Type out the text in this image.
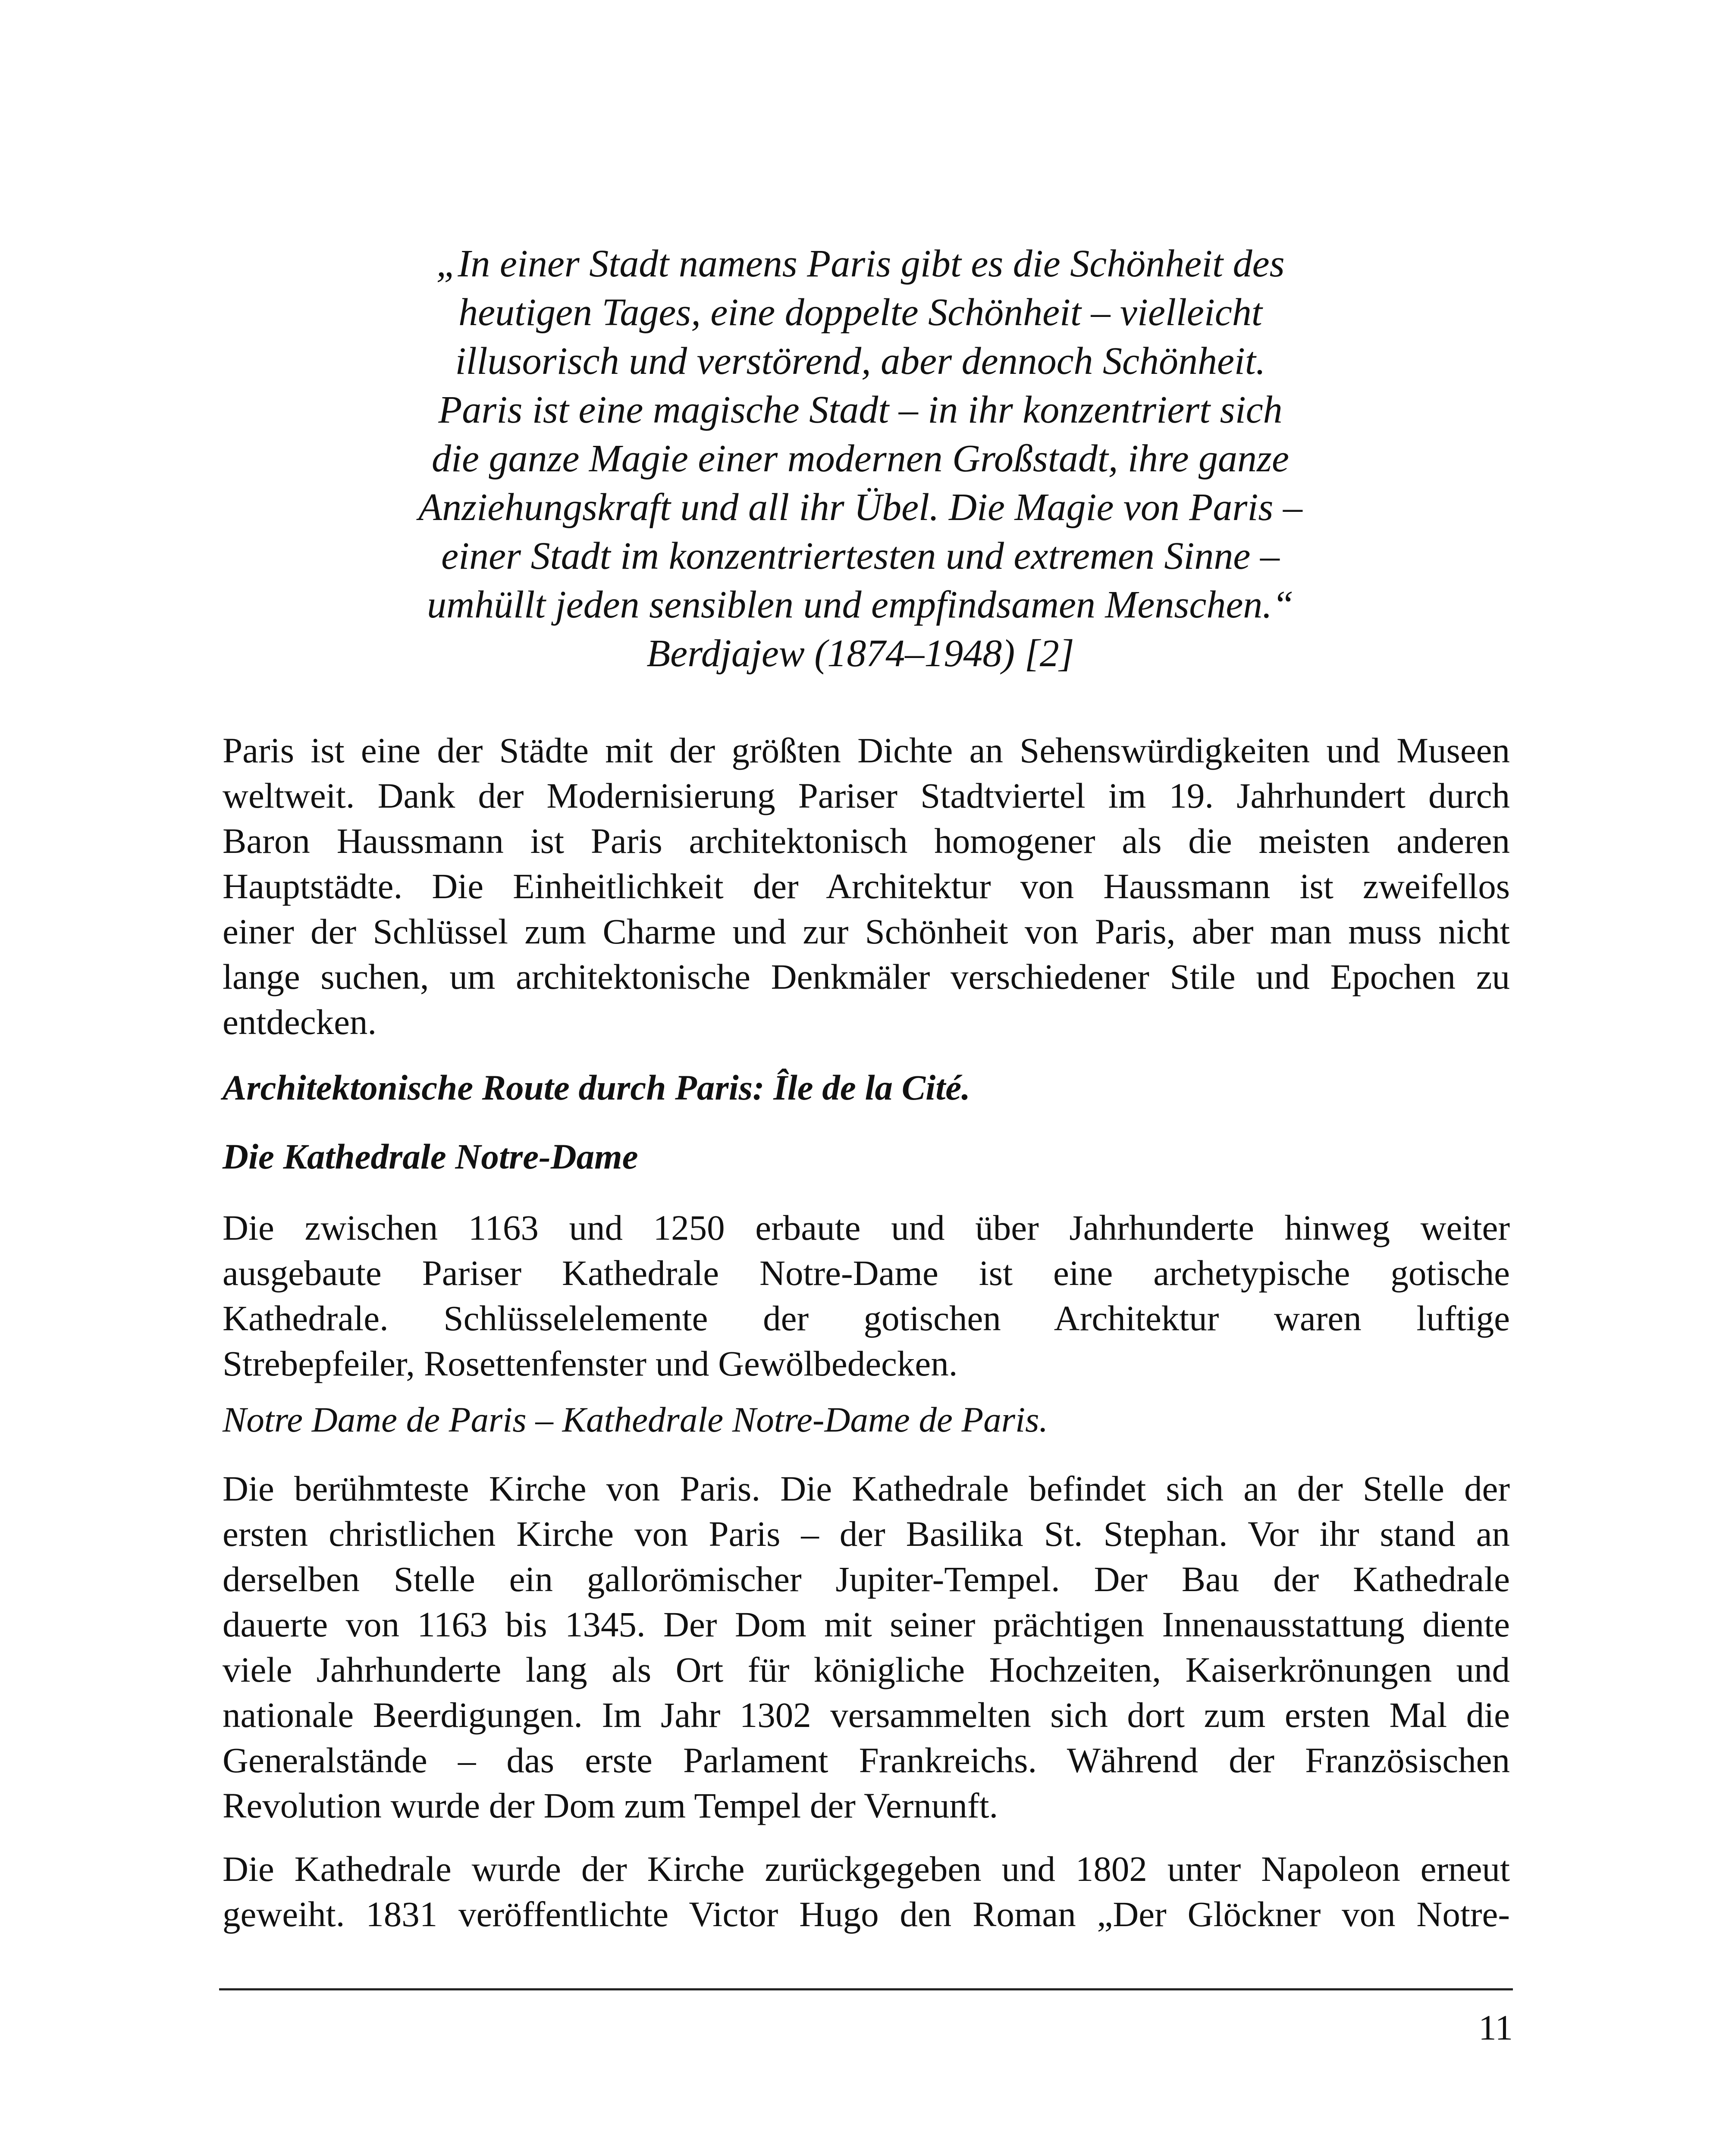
„In einer Stadt namens Paris gibt es die Schönheit des
heutigen Tages, eine doppelte Schönheit – vielleicht
illusorisch und verstörend, aber dennoch Schönheit.
Paris ist eine magische Stadt – in ihr konzentriert sich
die ganze Magie einer modernen Großstadt, ihre ganze
Anziehungskraft und all ihr Übel. Die Magie von Paris –
einer Stadt im konzentriertesten und extremen Sinne –
umhüllt jeden sensiblen und empfindsamen Menschen.“
Berdjajew (1874–1948) [2]
Paris ist eine der Städte mit der größten Dichte an Sehenswürdigkeiten und Museen
weltweit. Dank der Modernisierung Pariser Stadtviertel im 19. Jahrhundert durch
Baron Haussmann ist Paris architektonisch homogener als die meisten anderen
Hauptstädte. Die Einheitlichkeit der Architektur von Haussmann ist zweifellos
einer der Schlüssel zum Charme und zur Schönheit von Paris, aber man muss nicht
lange suchen, um architektonische Denkmäler verschiedener Stile und Epochen zu
entdecken.
Architektonische Route durch Paris: Île de la Cité.
Die Kathedrale Notre-Dame
Die zwischen 1163 und 1250 erbaute und über Jahrhunderte hinweg weiter
ausgebaute Pariser Kathedrale Notre-Dame ist eine archetypische gotische
Kathedrale. Schlüsselelemente der gotischen Architektur waren luftige
Strebepfeiler, Rosettenfenster und Gewölbedecken.
Notre Dame de Paris – Kathedrale Notre-Dame de Paris.
Die berühmteste Kirche von Paris. Die Kathedrale befindet sich an der Stelle der
ersten christlichen Kirche von Paris – der Basilika St. Stephan. Vor ihr stand an
derselben Stelle ein gallorömischer Jupiter-Tempel. Der Bau der Kathedrale
dauerte von 1163 bis 1345. Der Dom mit seiner prächtigen Innenausstattung diente
viele Jahrhunderte lang als Ort für königliche Hochzeiten, Kaiserkrönungen und
nationale Beerdigungen. Im Jahr 1302 versammelten sich dort zum ersten Mal die
Generalstände – das erste Parlament Frankreichs. Während der Französischen
Revolution wurde der Dom zum Tempel der Vernunft.
Die Kathedrale wurde der Kirche zurückgegeben und 1802 unter Napoleon erneut
geweiht. 1831 veröffentlichte Victor Hugo den Roman „Der Glöckner von Notre-
11
